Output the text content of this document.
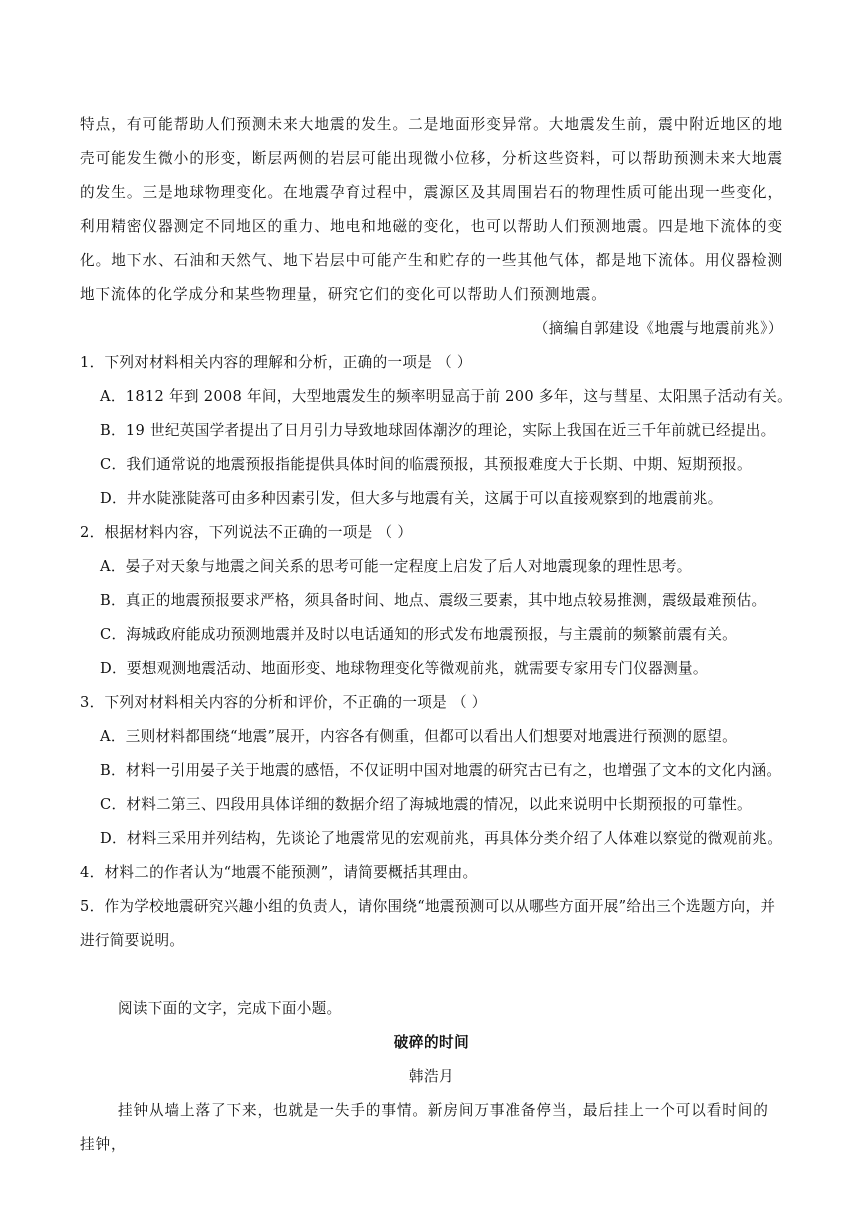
特点，有可能帮助人们预测未来大地震的发生。二是地面形变异常。大地震发生前，震中附近地区的地壳可能发生微小的形变，断层两侧的岩层可能出现微小位移，分析这些资料，可以帮助预测未来大地震的发生。三是地球物理变化。在地震孕育过程中，震源区及其周围岩石的物理性质可能出现一些变化，利用精密仪器测定不同地区的重力、地电和地磁的变化，也可以帮助人们预测地震。四是地下流体的变化。地下水、石油和天然气、地下岩层中可能产生和贮存的一些其他气体，都是地下流体。用仪器检测地下流体的化学成分和某些物理量，研究它们的变化可以帮助人们预测地震。

（摘编自郭建设《地震与地震前兆》）

1．下列对材料相关内容的理解和分析，正确的一项是 （ ）

A．1812 年到 2008 年间，大型地震发生的频率明显高于前 200 多年，这与彗星、太阳黑子活动有关。

B．19 世纪英国学者提出了日月引力导致地球固体潮汐的理论，实际上我国在近三千年前就已经提出。

C．我们通常说的地震预报指能提供具体时间的临震预报，其预报难度大于长期、中期、短期预报。

D．井水陡涨陡落可由多种因素引发，但大多与地震有关，这属于可以直接观察到的地震前兆。

2．根据材料内容，下列说法不正确的一项是 （ ）

A．晏子对天象与地震之间关系的思考可能一定程度上启发了后人对地震现象的理性思考。

B．真正的地震预报要求严格，须具备时间、地点、震级三要素，其中地点较易推测，震级最难预估。

C．海城政府能成功预测地震并及时以电话通知的形式发布地震预报，与主震前的频繁前震有关。

D．要想观测地震活动、地面形变、地球物理变化等微观前兆，就需要专家用专门仪器测量。

3．下列对材料相关内容的分析和评价，不正确的一项是 （ ）

A．三则材料都围绕“地震”展开，内容各有侧重，但都可以看出人们想要对地震进行预测的愿望。

B．材料一引用晏子关于地震的感悟，不仅证明中国对地震的研究古已有之，也增强了文本的文化内涵。

C．材料二第三、四段用具体详细的数据介绍了海城地震的情况，以此来说明中长期预报的可靠性。

D．材料三采用并列结构，先谈论了地震常见的宏观前兆，再具体分类介绍了人体难以察觉的微观前兆。

4．材料二的作者认为“地震不能预测”，请简要概括其理由。

5．作为学校地震研究兴趣小组的负责人，请你围绕“地震预测可以从哪些方面开展”给出三个选题方向，并进行简要说明。

阅读下面的文字，完成下面小题。

破碎的时间

韩浩月

挂钟从墙上落了下来，也就是一失手的事情。新房间万事准备停当，最后挂上一个可以看时间的挂钟，
